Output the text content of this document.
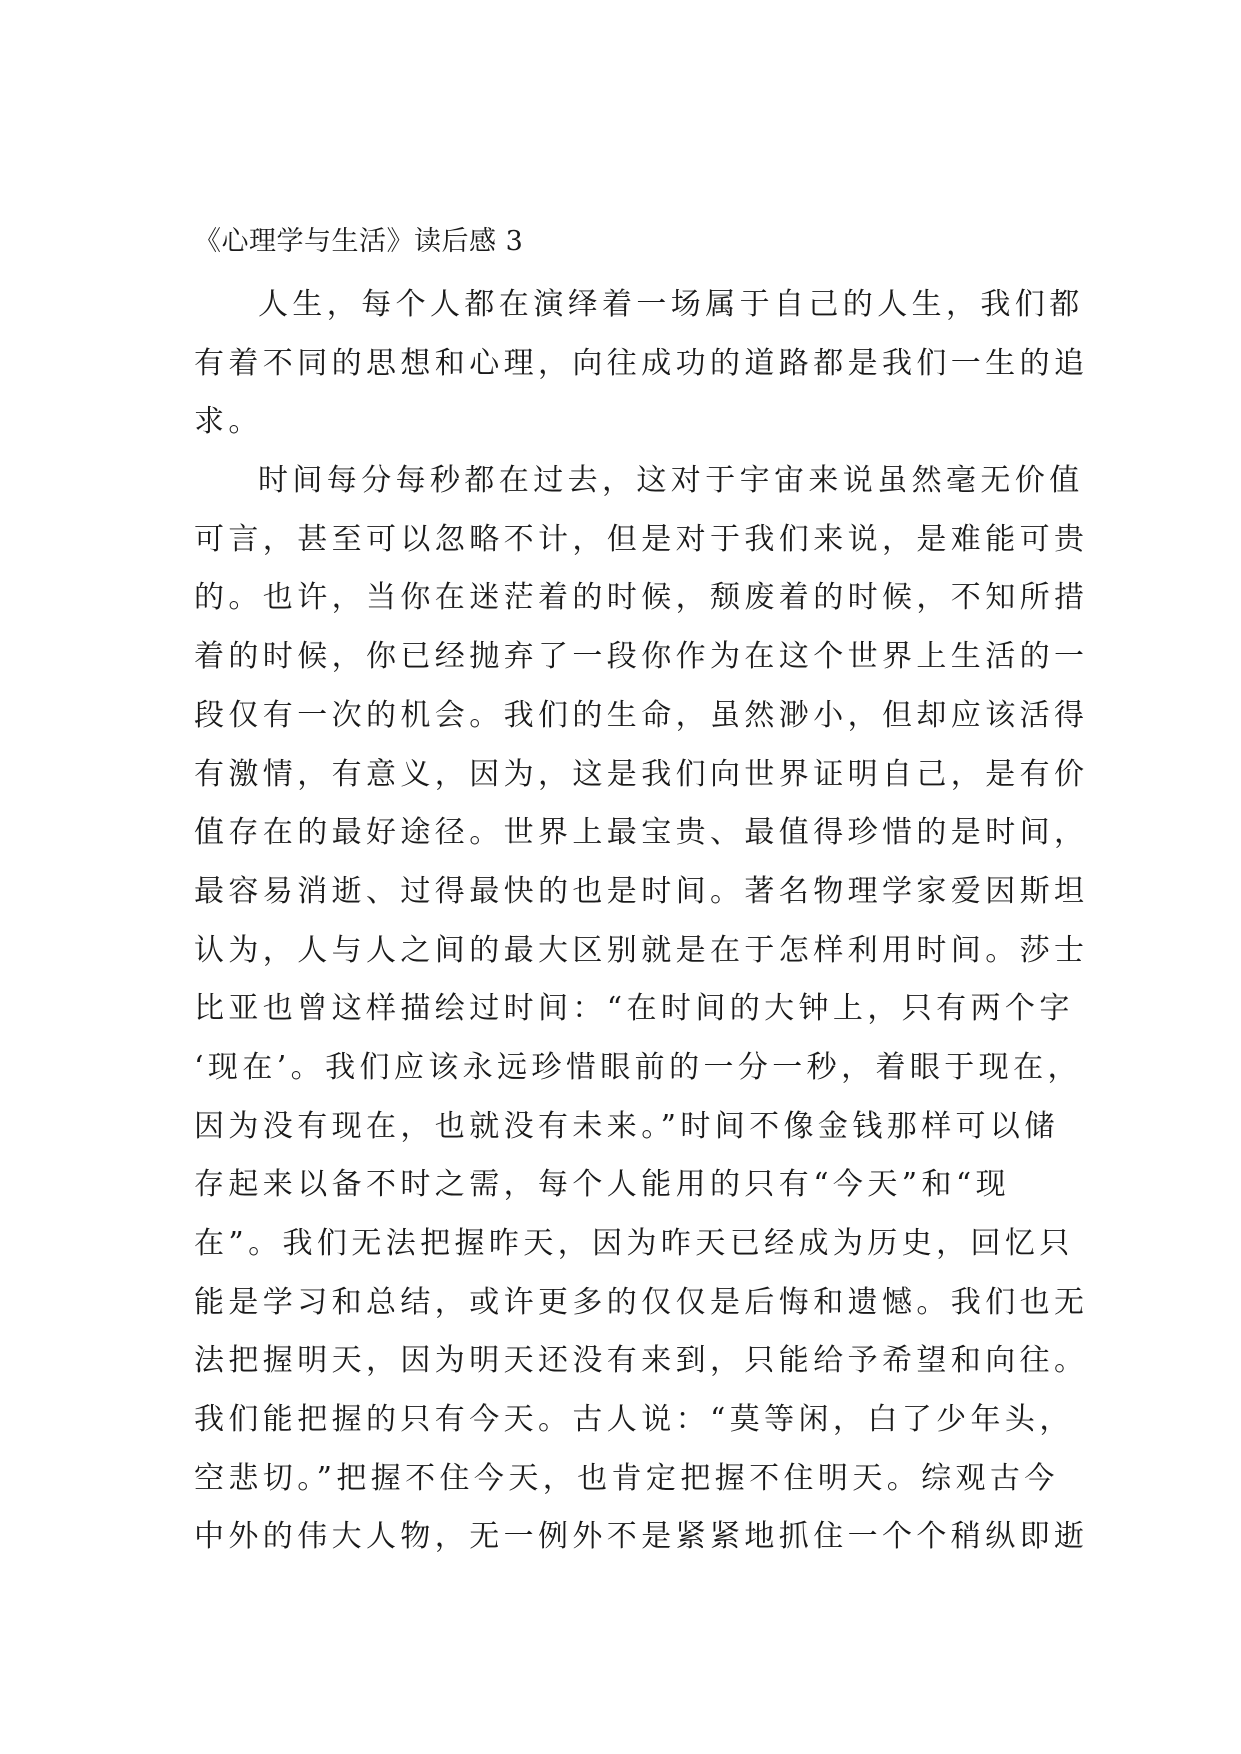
《心理学与生活》读后感 3
人生，每个人都在演绎着一场属于自己的人生，我们都
有着不同的思想和心理，向往成功的道路都是我们一生的追
求。
时间每分每秒都在过去，这对于宇宙来说虽然毫无价值
可言，甚至可以忽略不计，但是对于我们来说，是难能可贵
的。也许，当你在迷茫着的时候，颓废着的时候，不知所措
着的时候，你已经抛弃了一段你作为在这个世界上生活的一
段仅有一次的机会。我们的生命，虽然渺小，但却应该活得
有激情，有意义，因为，这是我们向世界证明自己，是有价
值存在的最好途径。世界上最宝贵、最值得珍惜的是时间，
最容易消逝、过得最快的也是时间。著名物理学家爱因斯坦
认为，人与人之间的最大区别就是在于怎样利用时间。莎士
比亚也曾这样描绘过时间：“在时间的大钟上，只有两个字
‘现在’。我们应该永远珍惜眼前的一分一秒，着眼于现在，
因为没有现在，也就没有未来。”时间不像金钱那样可以储
存起来以备不时之需，每个人能用的只有“今天”和“现
在”。我们无法把握昨天，因为昨天已经成为历史，回忆只
能是学习和总结，或许更多的仅仅是后悔和遗憾。我们也无
法把握明天，因为明天还没有来到，只能给予希望和向往。
我们能把握的只有今天。古人说：“莫等闲，白了少年头，
空悲切。”把握不住今天，也肯定把握不住明天。综观古今
中外的伟大人物，无一例外不是紧紧地抓住一个个稍纵即逝
